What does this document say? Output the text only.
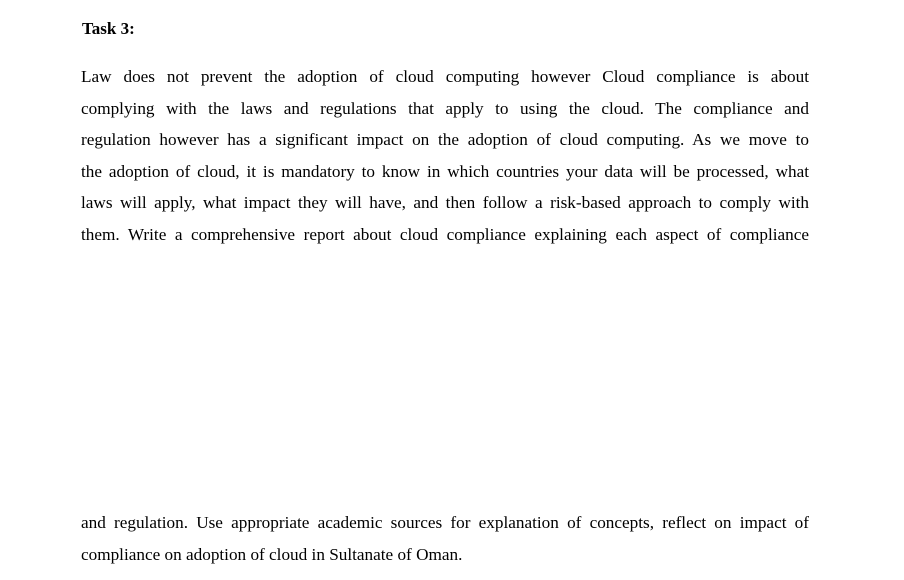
Task 3:
Law does not prevent the adoption of cloud computing however Cloud compliance is about
complying with the laws and regulations that apply to using the cloud. The compliance and
regulation however has a significant impact on the adoption of cloud computing. As we move to
the adoption of cloud, it is mandatory to know in which countries your data will be processed, what
laws will apply, what impact they will have, and then follow a risk-based approach to comply with
them. Write a comprehensive report about cloud compliance explaining each aspect of compliance
and regulation. Use appropriate academic sources for explanation of concepts, reflect on impact of
compliance on adoption of cloud in Sultanate of Oman.
